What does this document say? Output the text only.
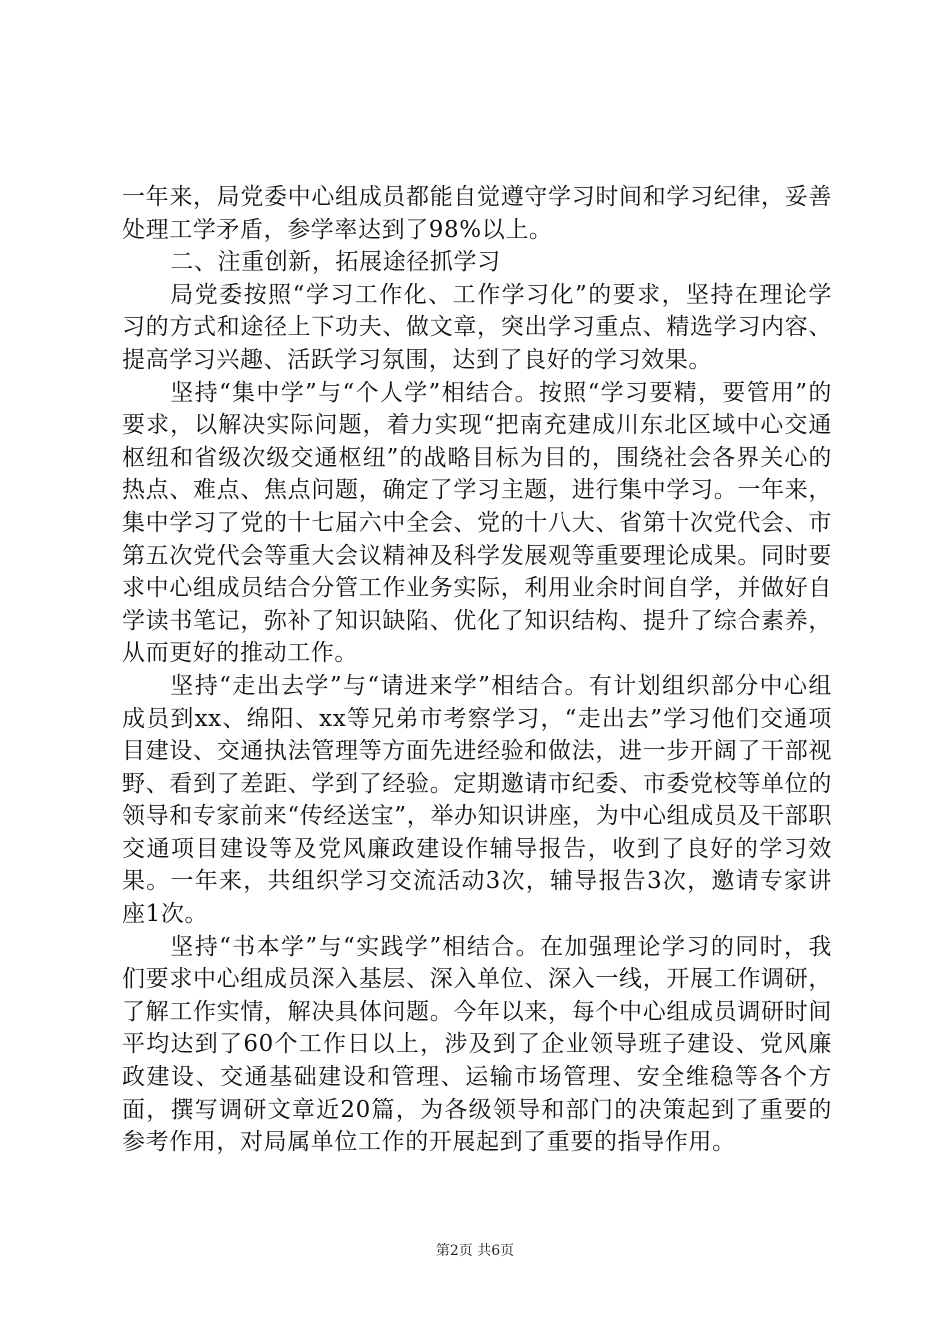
一年来，局党委中心组成员都能自觉遵守学习时间和学习纪律，妥善处理工学矛盾，参学率达到了98%以上。

二、注重创新，拓展途径抓学习

局党委按照“学习工作化、工作学习化”的要求，坚持在理论学习的方式和途径上下功夫、做文章，突出学习重点、精选学习内容、提高学习兴趣、活跃学习氛围，达到了良好的学习效果。

坚持“集中学”与“个人学”相结合。按照“学习要精，要管用”的要求，以解决实际问题，着力实现“把南充建成川东北区域中心交通枢纽和省级次级交通枢纽”的战略目标为目的，围绕社会各界关心的热点、难点、焦点问题，确定了学习主题，进行集中学习。一年来，集中学习了党的十七届六中全会、党的十八大、省第十次党代会、市第五次党代会等重大会议精神及科学发展观等重要理论成果。同时要求中心组成员结合分管工作业务实际，利用业余时间自学，并做好自学读书笔记，弥补了知识缺陷、优化了知识结构、提升了综合素养，从而更好的推动工作。

坚持“走出去学”与“请进来学”相结合。有计划组织部分中心组成员到xx、绵阳、xx等兄弟市考察学习，“走出去”学习他们交通项目建设、交通执法管理等方面先进经验和做法，进一步开阔了干部视野、看到了差距、学到了经验。定期邀请市纪委、市委党校等单位的领导和专家前来“传经送宝”，举办知识讲座，为中心组成员及干部职交通项目建设等及党风廉政建设作辅导报告，收到了良好的学习效果。一年来，共组织学习交流活动3次，辅导报告3次，邀请专家讲座1次。

坚持“书本学”与“实践学”相结合。在加强理论学习的同时，我们要求中心组成员深入基层、深入单位、深入一线，开展工作调研，了解工作实情，解决具体问题。今年以来，每个中心组成员调研时间平均达到了60个工作日以上，涉及到了企业领导班子建设、党风廉政建设、交通基础建设和管理、运输市场管理、安全维稳等各个方面，撰写调研文章近20篇，为各级领导和部门的决策起到了重要的参考作用，对局属单位工作的开展起到了重要的指导作用。

第2页 共6页
